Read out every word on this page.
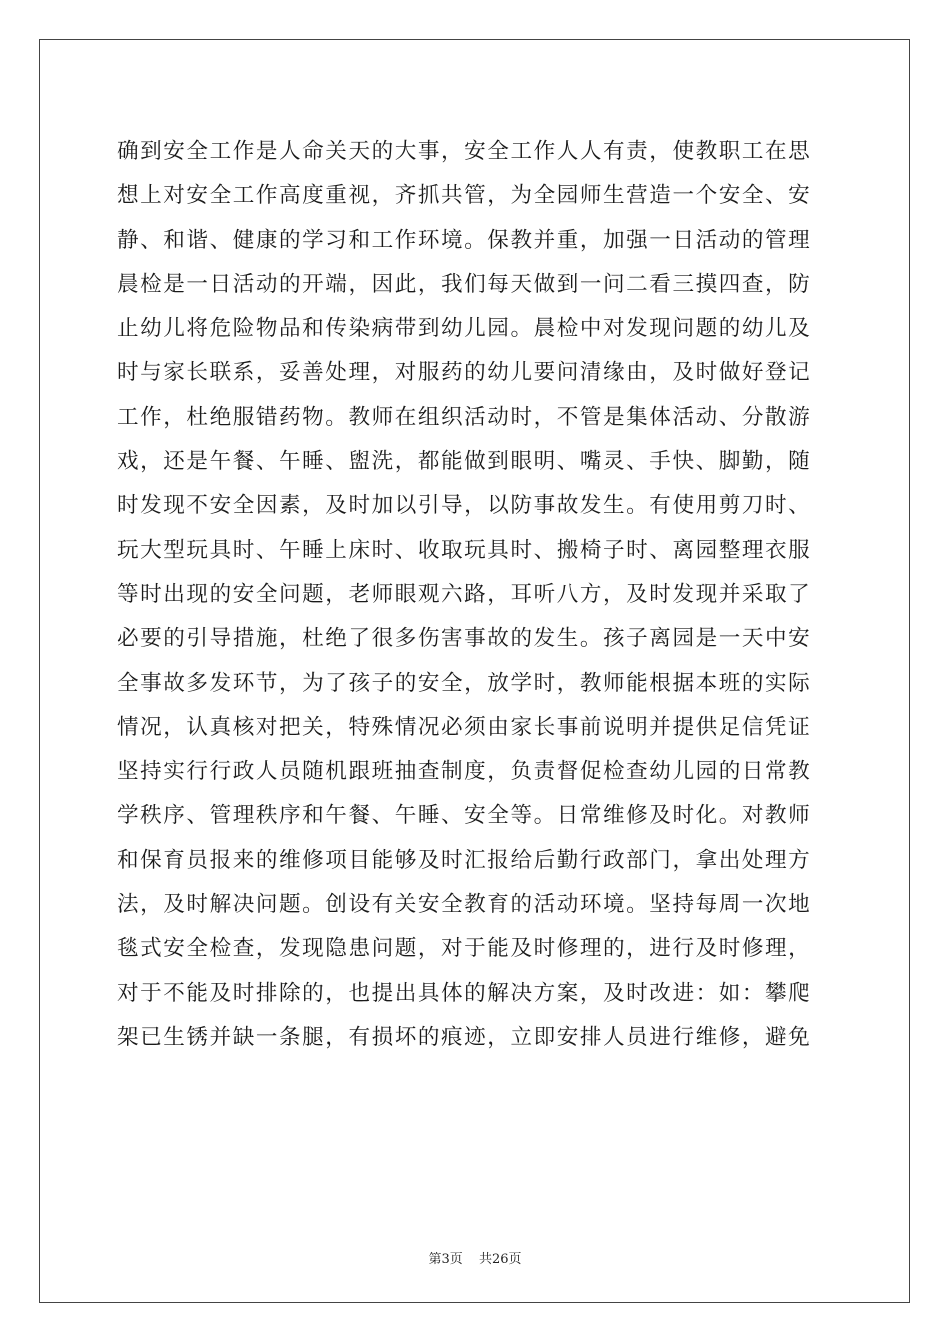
确到安全工作是人命关天的大事，安全工作人人有责，使教职工在思
想上对安全工作高度重视，齐抓共管，为全园师生营造一个安全、安
静、和谐、健康的学习和工作环境。保教并重，加强一日活动的管理
晨检是一日活动的开端，因此，我们每天做到一问二看三摸四查，防
止幼儿将危险物品和传染病带到幼儿园。晨检中对发现问题的幼儿及
时与家长联系，妥善处理，对服药的幼儿要问清缘由，及时做好登记
工作，杜绝服错药物。教师在组织活动时，不管是集体活动、分散游
戏，还是午餐、午睡、盥洗，都能做到眼明、嘴灵、手快、脚勤，随
时发现不安全因素，及时加以引导，以防事故发生。有使用剪刀时、
玩大型玩具时、午睡上床时、收取玩具时、搬椅子时、离园整理衣服
等时出现的安全问题，老师眼观六路，耳听八方，及时发现并采取了
必要的引导措施，杜绝了很多伤害事故的发生。孩子离园是一天中安
全事故多发环节，为了孩子的安全，放学时，教师能根据本班的实际
情况，认真核对把关，特殊情况必须由家长事前说明并提供足信凭证
坚持实行行政人员随机跟班抽查制度，负责督促检查幼儿园的日常教
学秩序、管理秩序和午餐、午睡、安全等。日常维修及时化。对教师
和保育员报来的维修项目能够及时汇报给后勤行政部门，拿出处理方
法，及时解决问题。创设有关安全教育的活动环境。坚持每周一次地
毯式安全检查，发现隐患问题，对于能及时修理的，进行及时修理，
对于不能及时排除的，也提出具体的解决方案，及时改进：如：攀爬
架已生锈并缺一条腿，有损坏的痕迹，立即安排人员进行维修，避免
第3页 共26页
